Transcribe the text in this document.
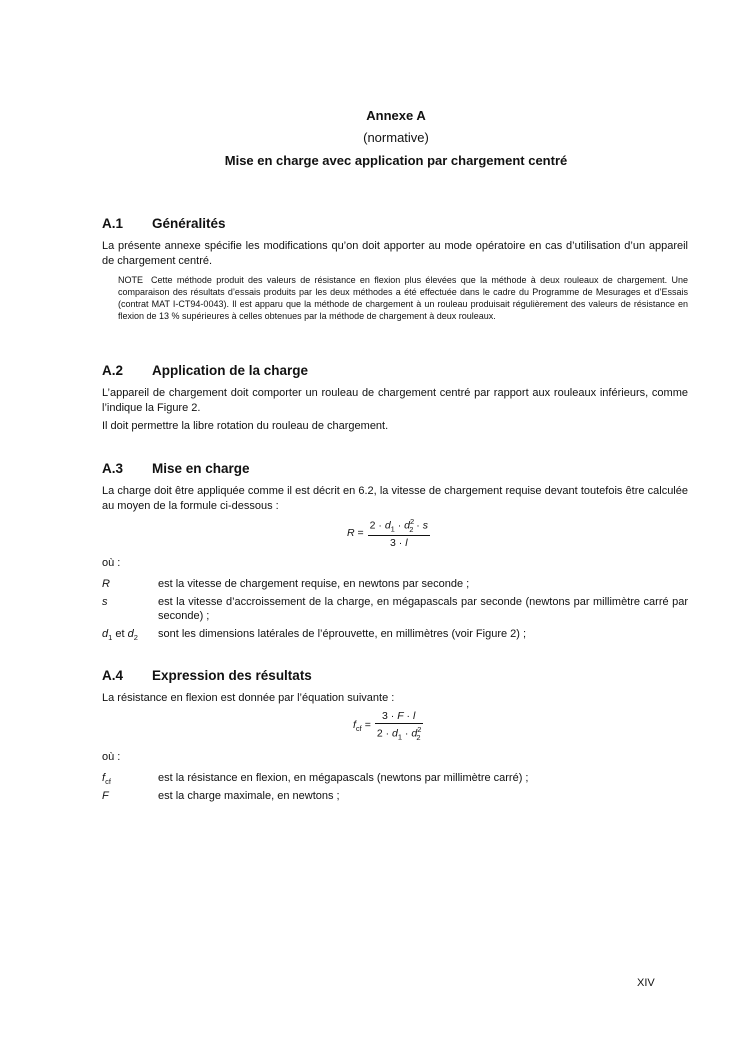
Annexe A
(normative)
Mise en charge avec application par chargement centré
A.1 Généralités
La présente annexe spécifie les modifications qu’on doit apporter au mode opératoire en cas d’utilisation d’un appareil de chargement centré.
NOTE Cette méthode produit des valeurs de résistance en flexion plus élevées que la méthode à deux rouleaux de chargement. Une comparaison des résultats d’essais produits par les deux méthodes a été effectuée dans le cadre du Programme de Mesurages et d’Essais (contrat MAT I-CT94-0043). Il est apparu que la méthode de chargement à un rouleau produisait régulièrement des valeurs de résistance en flexion de 13 % supérieures à celles obtenues par la méthode de chargement à deux rouleaux.
A.2 Application de la charge
L’appareil de chargement doit comporter un rouleau de chargement centré par rapport aux rouleaux inférieurs, comme l’indique la Figure 2.
Il doit permettre la libre rotation du rouleau de chargement.
A.3 Mise en charge
La charge doit être appliquée comme il est décrit en 6.2, la vitesse de chargement requise devant toutefois être calculée au moyen de la formule ci-dessous :
$R = \frac{2 \cdot d_1 \cdot d^2_2 \cdot s}{3 \cdot l}$
où :
R	est la vitesse de chargement requise, en newtons par seconde ;
s	est la vitesse d’accroissement de la charge, en mégapascals par seconde (newtons par millimètre carré par seconde) ;
$d_1$ et $d_2$	sont les dimensions latérales de l’éprouvette, en millimètres (voir Figure 2) ;
A.4 Expression des résultats
La résistance en flexion est donnée par l’équation suivante :
$f_{cf} = \frac{3 \cdot F \cdot l}{2 \cdot d_1 \cdot d^2_2}$
où :
$f_{cf}$	est la résistance en flexion, en mégapascals (newtons par millimètre carré) ;
F	est la charge maximale, en newtons ;
XIV
